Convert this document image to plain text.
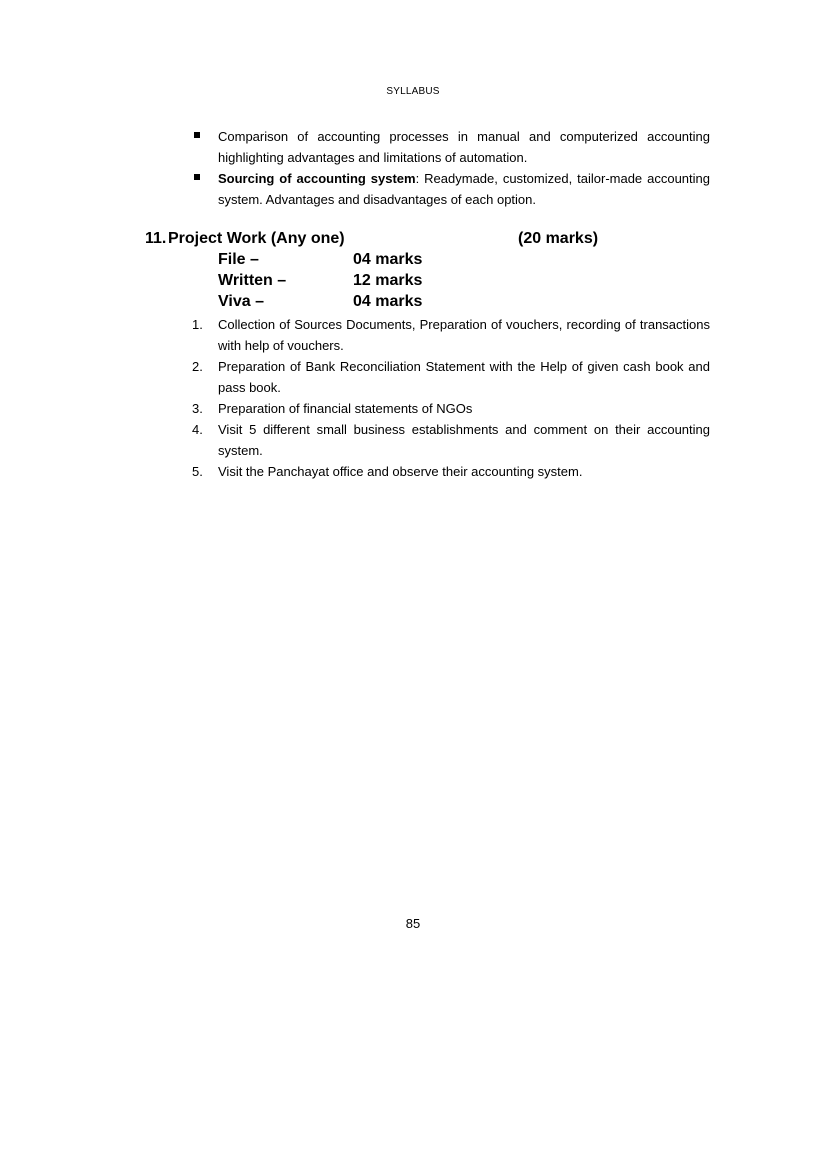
SYLLABUS
Comparison of accounting processes in manual and computerized accounting highlighting advantages and limitations of automation.
Sourcing of accounting system: Readymade, customized, tailor-made accounting system. Advantages and disadvantages of each option.
11. Project Work (Any one)	(20 marks)
File –	04 marks
Written –	12 marks
Viva –	04 marks
1. Collection of Sources Documents, Preparation of vouchers, recording of transactions with help of vouchers.
2. Preparation of Bank Reconciliation Statement with the Help of given cash book and pass book.
3. Preparation of financial statements of NGOs
4. Visit 5 different small business establishments and comment on their accounting system.
5. Visit the Panchayat office and observe their accounting system.
85
